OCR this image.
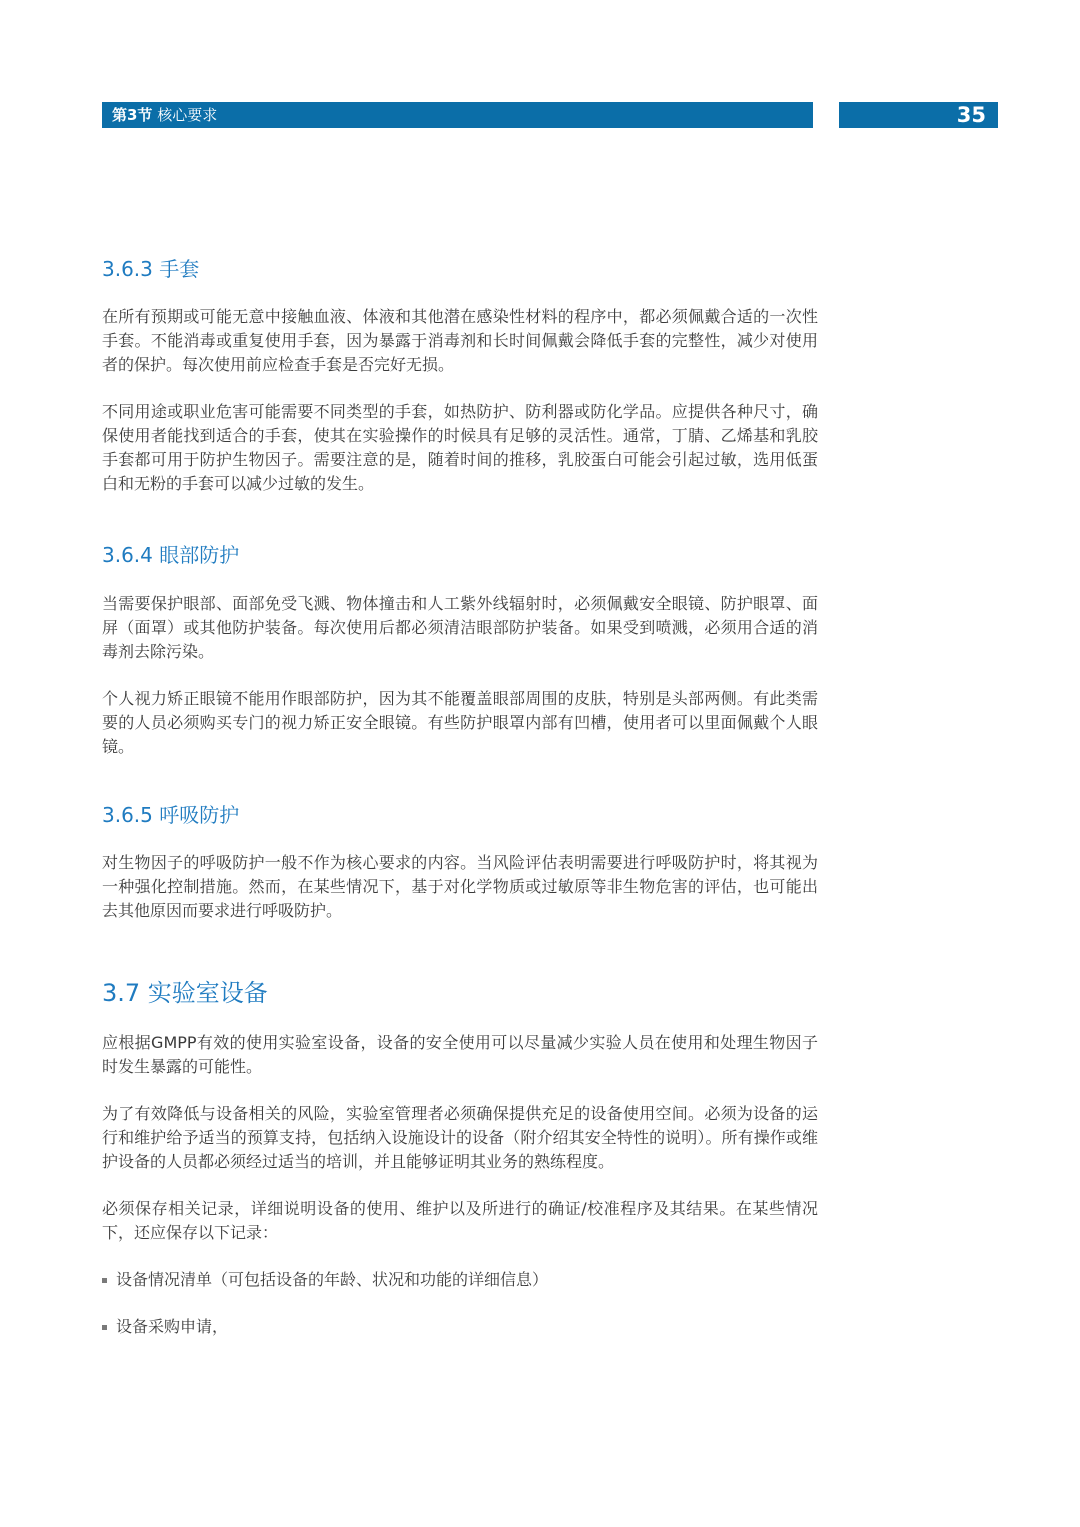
第3节 核心要求	35
3.6.3 手套

在所有预期或可能无意中接触血液、体液和其他潜在感染性材料的程序中，都必须佩戴合适的一次性手套。不能消毒或重复使用手套，因为暴露于消毒剂和长时间佩戴会降低手套的完整性，减少对使用者的保护。每次使用前应检查手套是否完好无损。

不同用途或职业危害可能需要不同类型的手套，如热防护、防利器或防化学品。应提供各种尺寸，确保使用者能找到适合的手套，使其在实验操作的时候具有足够的灵活性。通常，丁腈、乙烯基和乳胶手套都可用于防护生物因子。需要注意的是，随着时间的推移，乳胶蛋白可能会引起过敏，选用低蛋白和无粉的手套可以减少过敏的发生。

3.6.4 眼部防护

当需要保护眼部、面部免受飞溅、物体撞击和人工紫外线辐射时，必须佩戴安全眼镜、防护眼罩、面屏（面罩）或其他防护装备。每次使用后都必须清洁眼部防护装备。如果受到喷溅，必须用合适的消毒剂去除污染。

个人视力矫正眼镜不能用作眼部防护，因为其不能覆盖眼部周围的皮肤，特别是头部两侧。有此类需要的人员必须购买专门的视力矫正安全眼镜。有些防护眼罩内部有凹槽，使用者可以里面佩戴个人眼镜。

3.6.5 呼吸防护

对生物因子的呼吸防护一般不作为核心要求的内容。当风险评估表明需要进行呼吸防护时，将其视为一种强化控制措施。然而，在某些情况下，基于对化学物质或过敏原等非生物危害的评估，也可能出去其他原因而要求进行呼吸防护。

3.7 实验室设备

应根据GMPP有效的使用实验室设备，设备的安全使用可以尽量减少实验人员在使用和处理生物因子时发生暴露的可能性。

为了有效降低与设备相关的风险，实验室管理者必须确保提供充足的设备使用空间。必须为设备的运行和维护给予适当的预算支持，包括纳入设施设计的设备（附介绍其安全特性的说明）。所有操作或维护设备的人员都必须经过适当的培训，并且能够证明其业务的熟练程度。

必须保存相关记录，详细说明设备的使用、维护以及所进行的确证/校准程序及其结果。在某些情况下，还应保存以下记录：

设备情况清单（可包括设备的年龄、状况和功能的详细信息）
设备采购申请，
